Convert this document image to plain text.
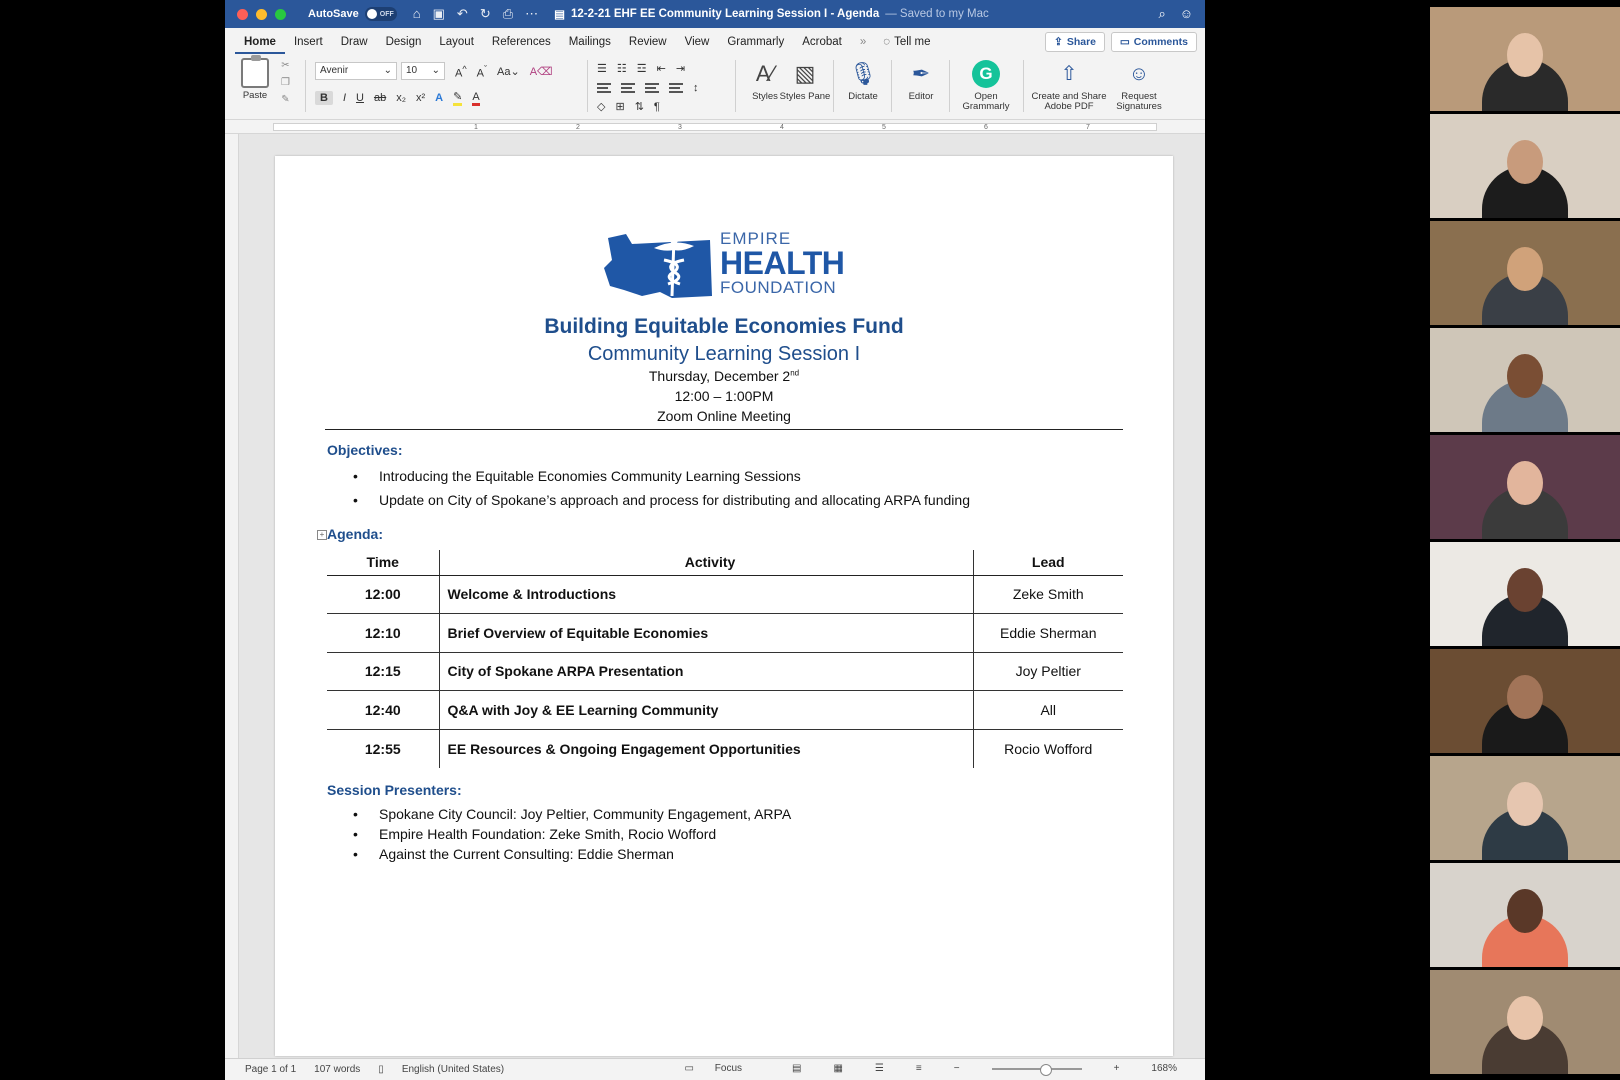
AutoSave	OFF ⌂ ▣ ↶ ↻ ⎙ ⋯ ▤ 12-2-21 EHF EE Community Learning Session I - Agenda — Saved to my Mac	⌕ ☺
Home	Insert	Draw	Design	Layout	References	Mailings	Review	View	Grammarly	Acrobat	»	◌ Tell me	⇪ Share ▭ Comments
Paste
✂
❐
✎
Avenir	⌄ 10 ⌄ A^ $A^ˇ$ Aa⌄ A⌫
B	I U ab x₂ x² A ✎ A
☰ ☷ ☲ ⇤ ⇥
↕
◇ ⊞ ⇅ ¶
A⁄
Styles
▧
Styles Pane
🎙
Dictate
✒
Editor
G
Open Grammarly
⇧
Create and Share Adobe PDF
☺
Request Signatures
1	2	3	4	5	6	7
EMPIRE
HEALTH
FOUNDATION
Building Equitable Economies Fund
Community Learning Session I
Thursday, December 2nd
12:00 – 1:00PM
Zoom Online Meeting
Objectives:
• Introducing the Equitable Economies Community Learning Sessions
• Update on City of Spokane’s approach and process for distributing and allocating ARPA funding
+ Agenda:
Time	Activity	Lead
12:00	Welcome & Introductions	Zeke Smith
12:10	Brief Overview of Equitable Economies	Eddie Sherman
12:15	City of Spokane ARPA Presentation	Joy Peltier
12:40	Q&A with Joy & EE Learning Community	All
12:55	EE Resources & Ongoing Engagement Opportunities	Rocio Wofford
Session Presenters:
• Spokane City Council: Joy Peltier, Community Engagement, ARPA
• Empire Health Foundation: Zeke Smith, Rocio Wofford
• Against the Current Consulting: Eddie Sherman
Page 1 of 1 107 words ▯ English (United States)	▭ Focus	▤	▦	☰	≡	−	+	168%
